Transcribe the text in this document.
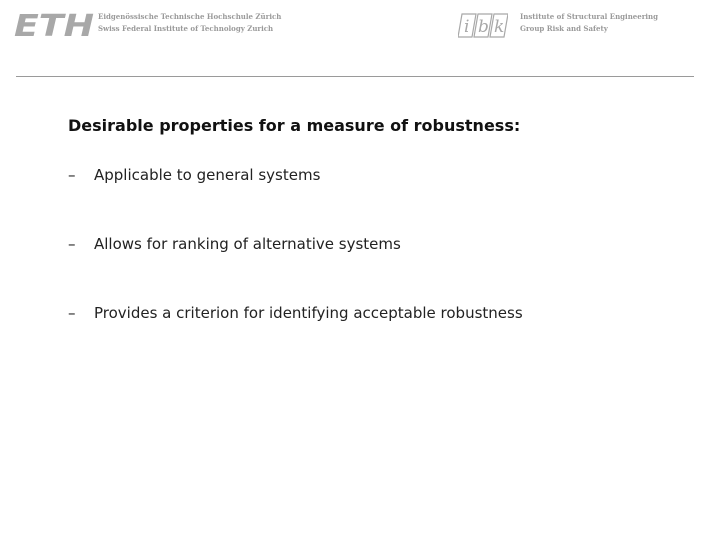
ETH Eidgenössische Technische Hochschule Zürich
Swiss Federal Institute of Technology Zurich	i b k
Institute of Structural Engineering
Group Risk and Safety
Desirable properties for a measure of robustness:
– Applicable to general systems
– Allows for ranking of alternative systems
– Provides a criterion for identifying acceptable robustness
